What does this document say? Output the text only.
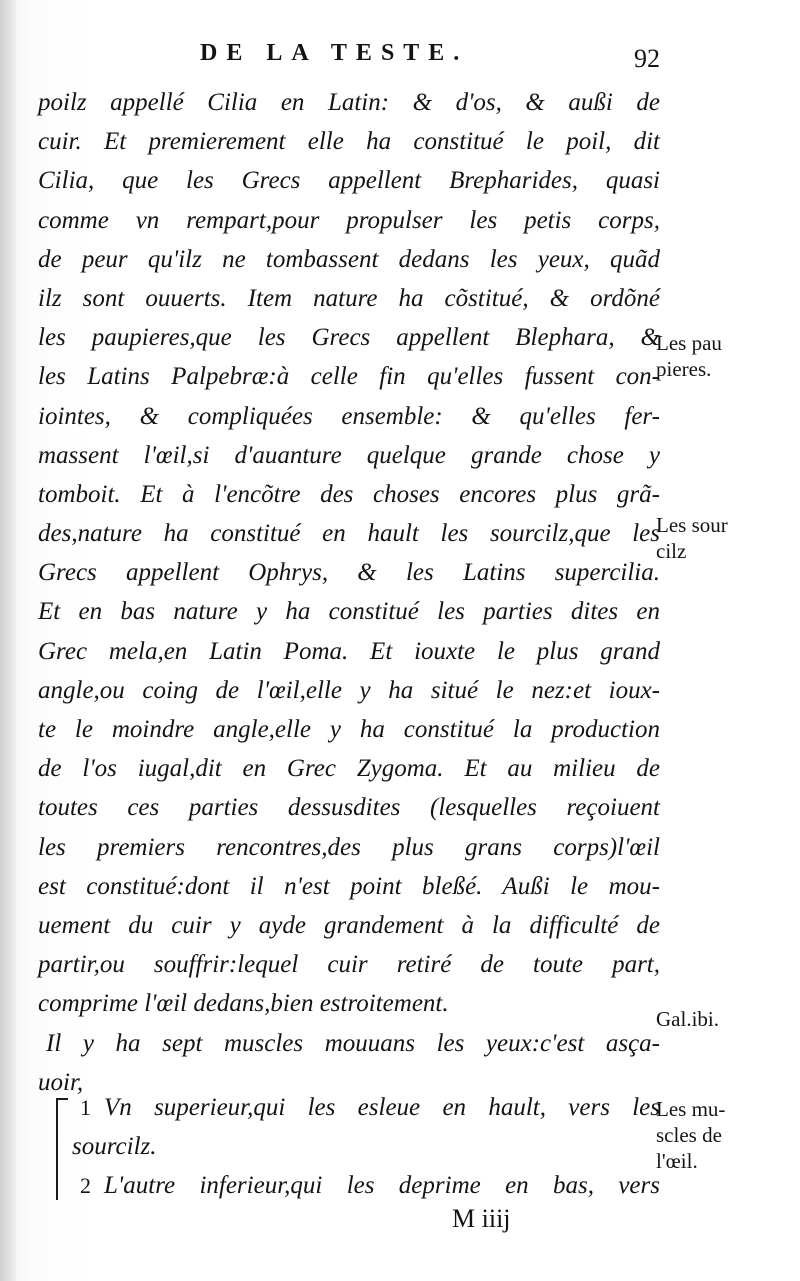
DE LA TESTE.	92
poilz appellé Cilia en Latin: & d'os, & außi de
cuir. Et premierement elle ha constitué le poil, dit
Cilia, que les Grecs appellent Brepharides, quasi
comme vn rempart,pour propulser les petis corps,
de peur qu'ilz ne tombassent dedans les yeux, quãd
ilz sont ouuerts. Item nature ha cõstitué, & ordõné
les paupieres,que les Grecs appellent Blephara, &
les Latins Palpebræ:à celle fin qu'elles fussent con-
iointes, & compliquées ensemble: & qu'elles fer-
massent l'œil,si d'auanture quelque grande chose y
tomboit. Et à l'encõtre des choses encores plus grã-
des,nature ha constitué en hault les sourcilz,que les
Grecs appellent Ophrys, & les Latins supercilia.
Et en bas nature y ha constitué les parties dites en
Grec mela,en Latin Poma. Et iouxte le plus grand
angle,ou coing de l'œil,elle y ha situé le nez:et ioux-
te le moindre angle,elle y ha constitué la production
de l'os iugal,dit en Grec Zygoma. Et au milieu de
toutes ces parties dessusdites (lesquelles reçoiuent
les premiers rencontres,des plus grans corps)l'œil
est constitué:dont il n'est point bleßé. Außi le mou-
uement du cuir y ayde grandement à la difficulté de
partir,ou souffrir:lequel cuir retiré de toute part,
comprime l'œil dedans,bien estroitement.
Il y ha sept muscles mouuans les yeux:c'est asça-
uoir,
1 Vn superieur,qui les esleue en hault, vers les
sourcilz.
2 L'autre inferieur,qui les deprime en bas, vers
Les pau
pieres.
Les sour
cilz
Gal.ibi.
Les mu-
scles de
l'œil.
M iiij
